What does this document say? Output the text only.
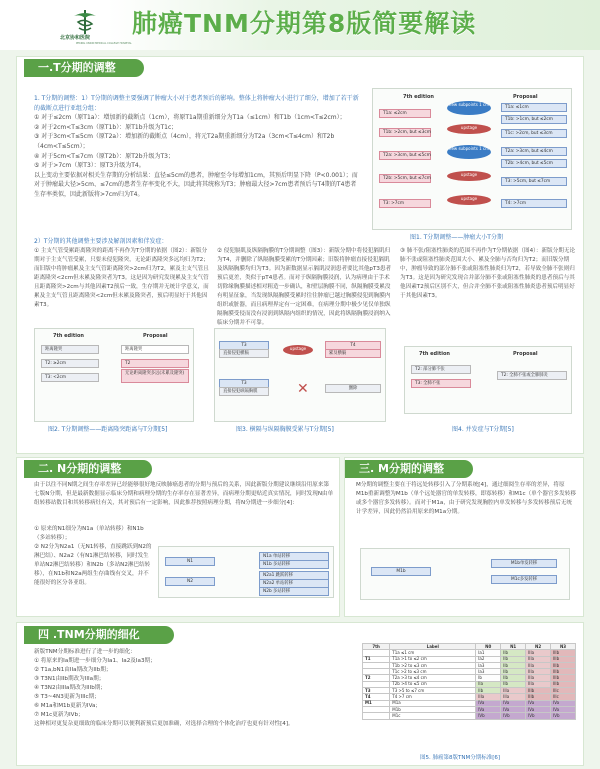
北京协和医院
PEKING UNION MEDICAL COLLEGE HOSPITAL
肺癌TNM分期第8版简要解读
一.T分期的调整
1. T分期的调整：1）T分期的调整主要强调了肿瘤大小对于患者预后的影响。整体上将肿瘤大小进行了细分，增加了若干新的截断点进行亚组分组：
① 对于≤2cm（原T1a）：增加新的截断点（1cm），将原T1a期重新细分为T1a（≤1cm）和T1b（1cm<T≤2cm）；
② 对于2cm<T≤3cm（原T1b）：原T1b升级为T1c；
③ 对于3cm<T≤5cm（原T2a）：增加新的截断点（4cm），将元T2a期重新细分为T2a（3cm<T≤4cm）和T2b（4cm<T≤5cm）；
④ 对于5cm<T≤7cm（原T2b）：原T2b升级为T3；
⑤ 对于>7cm（原T3）：原T3升级为T4。
以上变动主要依据对相关生存期的分析结果：直径≤5cm的患者，肿瘤至今每增加1cm，其预后明显下降（P<0.001）；而对于肿瘤最大径>5cm、≤7cm的患者生存率变化不大，因此将其统称为T3；肿瘤最大径>7cm患者预后与T4期的T4患者生存率类似，因此新版将>7cm归为T4。
7th edition	Proposal
T1a: ≤2cm
T1b: >2cm, but ≤3cm
T2a: >3cm, but ≤5cm
T2b: >5cm, but ≤7cm
T3: >7cm
new subpoints 1 cm
upstage
new subpoints 1 cm
upstage
upstage
T1a: ≤1cm
T1b: >1cm, but ≤2cm
T1c: >2cm, but ≤3cm
T2a: >3cm, but ≤4cm
T2b: >4cm, but ≤5cm
T3: >5cm, but ≤7cm
T4: >7cm
图1. T分期调整——肿瘤大小T分期
2）T分期的其他调整主要涉及解剖因素和伴发症：
① 主支气管受累距离隆突的距离不再作为T分期的依据（图2）：新版分期对于主支气管受累，只要未侵犯隆突，无论距离隆突多远均归为T2；而旧版中将肿瘤累及主支气管距离隆突>2cm归为T2，累及主支气管且距离隆突<2cm但未累及隆突者为T3。这是因为研究发现累及主支气管且距离隆突>2cm与其他因素T2预后一致，生存期并无统计学意义，而累及主支气管且距离隆突<2cm但未累及隆突者，预后明显好于其他因素T3。
② 侵犯膈肌及纵隔胸膜的T分期调整（图3）：新版分期中将侵犯膈肌归为T4，并删除了纵隔胸膜受累的T分期因素；旧版将肿瘤直接侵犯膈肌及纵隔胸膜均归为T3。因为新数据显示膈肌浸润患者要比其他pT3患者预后更差，类似于pT4患者。而对于纵隔胸膜浸润，认为病理由于手术切除缘胸膜描述相对粗造一步确认，和壁层胸膜不同，纵隔胸膜受累没有明显征象，当发现纵隔胸膜受累时往往肿瘤已越过胸膜侵犯到胸膜内组织或脏器，而且病理界定有一定困难，在病理分期中极少见仅单独纵隔胸膜受侵而没有浸润到纵隔内组织的情况，因此将纵隔胸膜浸润纳入临床分期并不可靠。
③ 肺不张/阻塞性肺炎的范围不再作为T分期依据（图4）：新版分期无论肺不张或阻塞性肺炎范围大小、累及全肺与否均归为T2；而旧版分期中，肿瘤导致的部分肺不张或阻塞性肺炎归为T2，若导致全肺不张则归为T3。这是因为研究发现合并部分肺不张或阻塞性肺炎的患者预后与其他因素T2预后区别不大，但合并全肺不张或阻塞性肺炎患者预后明显好于其他因素T3。
7th edition	Proposal
距离隆突
T2: ≥2cm
T3: <2cm
距离隆突
T2
无论距离隆突多远(未累及隆突)
图2. T分期调整——距离隆突距离与T分期[5]
T3
直接侵犯横膈
T3
直接侵犯纵隔胸膜
upstage
✕
T4
累及横膈
删除
图3. 横隔与纵隔胸膜受累与T分期[5]
7th edition	Proposal
T2: 部分肺不张
T3: 全肺不张
T2: 全肺不张或全肺肺炎
图4. 并发症与T分期[5]
二. N分期的调整
由于以往不同N期之间生存率差异已经能够很好地反映肺癌患者的分期与预后的关系，因此新版分期建议继续沿用原来第七版N分期，但是最新数据显示临床分期和病理分期的生存率存在显著差异，而病理分期更贴近真实情况，同时发现N由单组转移站数目和其转移病灶有关，其对预后有一定影响，因此推荐按照病理分期，将N分期进一步细分[4]：
① 原来的N1细分为N1a（单站转移）和N1b（多站转移）；
② N2分为N2a1（无N1转移，直接跳跃到N2的淋巴结）、N2a2（有N1淋巴结转移，同时发生单站N2淋巴结转移）和N2b（多站N2淋巴结转移），在N1b和N2a两组生存曲线有交叉，并不能很好的区分各亚组。
N1
N2
N1a 单站转移
N1b 多站转移
N2a1 跳跃转移
N2a2 单站转移
N2b 多站转移
三. M分期的调整
M分期的调整主要在于将远处转移引入了分期系统[4]，通过细阅生存率的差异，将原M1b重新调整为M1b（单个远处器官的单发转移，即寡转移）和M1c（单个器官多发转移或多个器官多发转移）。而对于M1a，由于研究发现胸腔内单发转移与多发转移预后无统计学差异，因此仍然沿用原来的M1a分期。
M1b
M1b单发转移
M1c多发转移
四 .TNM分期的细化
新版TNM分期标准进行了进一步的细化：
① 将原来的Ia期进一步细分为Ia1、Ia2及Ia3期；
② T1a,bN1由IIa期改为IIb期；
③ T3N1由IIb期改为IIIa期；
④ T3N2由IIIa期改为IIIb期；
⑤ T3~4N3更新为IIIc期；
⑥ M1a和M1b更新为IVa；
⑦ M1c更新为IVb；
这种相对更复杂更细致的临床分期可以便利新预后更加准确，对选择合理的个体化治疗也更有针对性[4]。
7th	Label	N0	N1	N2	N3
	T1a ≤1 cm	Ia1	IIb	IIIa	IIIb
T1	T1a >1 to ≤2 cm	Ia2	IIb	IIIa	IIIb
	T1b >2 to ≤3 cm	Ia3	IIb	IIIa	IIIb
	T1c >2 to ≤3 cm	Ia3	IIb	IIIa	IIIb
T2	T2a >3 to ≤4 cm	Ib	IIb	IIIa	IIIb
	T2b >4 to ≤5 cm	IIa	IIb	IIIa	IIIb
T3	T3 >5 to ≤7 cm	IIb	IIIa	IIIb	IIIc
T4	T4 >7 cm	IIIa	IIIa	IIIb	IIIc
M1	M1a	IVa	IVa	IVa	IVa
	M1b	IVa	IVa	IVa	IVa
	M1c	IVb	IVb	IVb	IVb
图5. 肺癌第8版TNM分期标准[6]
